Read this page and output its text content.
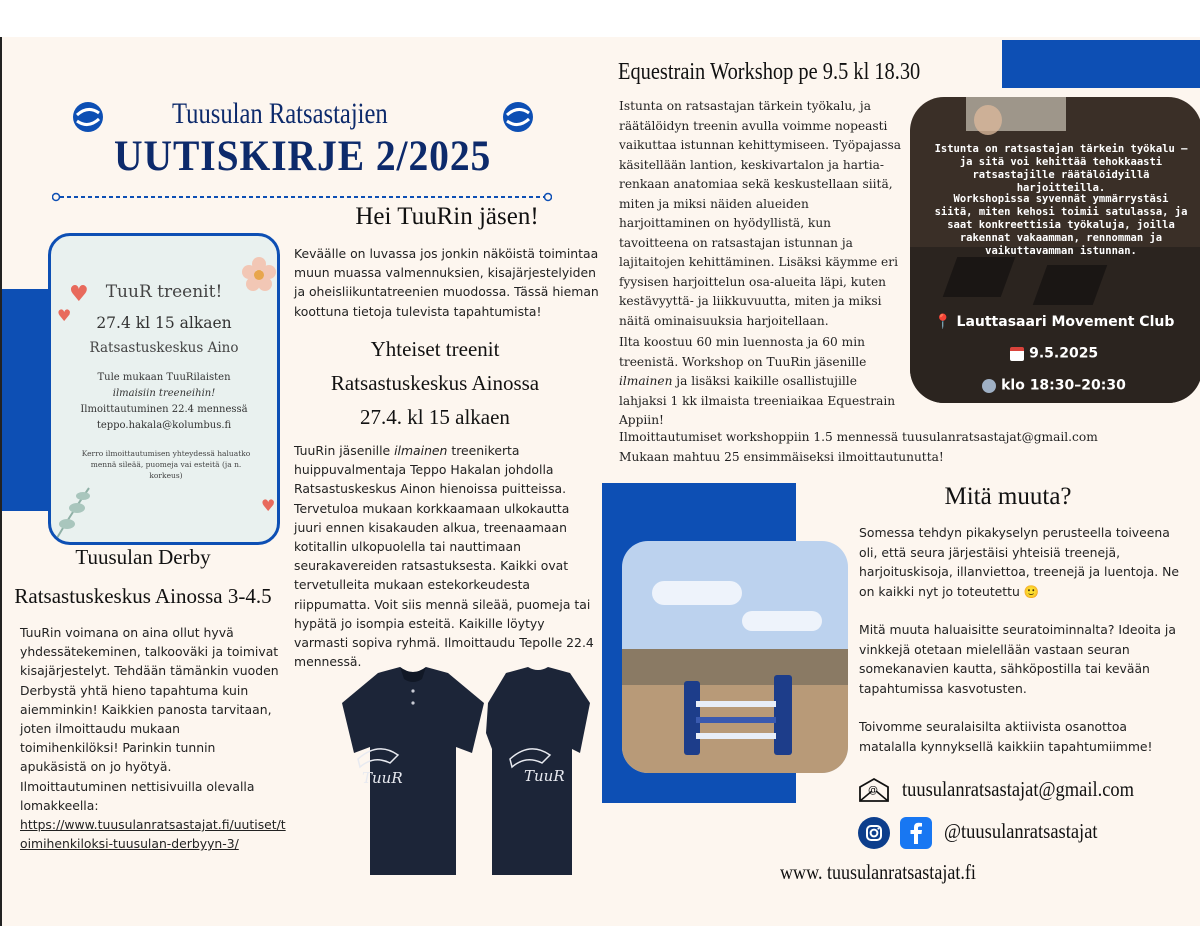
Tuusulan Ratsastajien
UUTISKIRJE 2/2025
♥
♥
♥
TuuR treenit!
27.4 kl 15 alkaen
Ratsastuskeskus Aino
Tule mukaan TuuRilaisten
ilmaisiin treeneihin!
Ilmoittautuminen 22.4 mennessä
teppo.hakala@kolumbus.fi
Kerro ilmoittautumisen yhteydessä haluatko mennä sileää, puomeja vai esteitä (ja n. korkeus)
Hei TuuRin jäsen!
Keväälle on luvassa jos jonkin näköistä toimintaa muun muassa valmennuksien, kisajärjestelyiden ja oheisliikuntatreenien muodossa. Tässä hieman koottuna tietoja tulevista tapahtumista!
Yhteiset treenit
Ratsastuskeskus Ainossa
27.4. kl 15 alkaen
TuuRin jäsenille ilmainen treenikerta huippuvalmentaja Teppo Hakalan johdolla Ratsastuskeskus Ainon hienoissa puitteissa. Tervetuloa mukaan korkkaamaan ulkokautta juuri ennen kisakauden alkua, treenaamaan kotitallin ulkopuolella tai nauttimaan seurakavereiden ratsastuksesta. Kaikki ovat tervetulleita mukaan estekorkeudesta riippumatta. Voit siis mennä sileää, puomeja tai hypätä jo isompia esteitä. Kaikille löytyy varmasti sopiva ryhmä. Ilmoittaudu Tepolle 22.4 mennessä.
Tuusulan Derby
Ratsastuskeskus Ainossa 3-4.5
TuuRin voimana on aina ollut hyvä yhdessätekeminen, talkooväki ja toimivat kisajärjestelyt. Tehdään tämänkin vuoden Derbystä yhtä hieno tapahtuma kuin aiemminkin! Kaikkien panosta tarvitaan, joten ilmoittaudu mukaan toimihenkilöksi! Parinkin tunnin apukäsistä on jo hyötyä. Ilmoittautuminen nettisivuilla olevalla lomakkeella:
https://www.tuusulanratsastajat.fi/uutiset/t
oimihenkiloksi-tuusulan-derbyyn-3/
TuuR	TuuR
Equestrain Workshop pe 9.5 kl 18.30
Istunta on ratsastajan tärkein työkalu, ja räätälöidyn treenin avulla voimme nopeasti vaikuttaa istunnan kehittymiseen. Työpajassa käsitellään lantion, keskivartalon ja hartia-renkaan anatomiaa sekä keskustellaan siitä, miten ja miksi näiden alueiden harjoittaminen on hyödyllistä, kun tavoitteena on ratsastajan istunnan ja lajitaitojen kehittäminen. Lisäksi käymme eri fyysisen harjoittelun osa-alueita läpi, kuten kestävyyttä- ja liikkuvuutta, miten ja miksi näitä ominaisuuksia harjoitellaan.
Ilta koostuu 60 min luennosta ja 60 min treenistä. Workshop on TuuRin jäsenille ilmainen ja lisäksi kaikille osallistujille lahjaksi 1 kk ilmaista treeniaikaa Equestrain Appiin!
Ilmoittautumiset workshoppiin 1.5 mennessä tuusulanratsastajat@gmail.com
Mukaan mahtuu 25 ensimmäiseksi ilmoittautunutta!
Istunta on ratsastajan tärkein työkalu – ja sitä voi kehittää tehokkaasti ratsastajille räätälöidyillä harjoitteilla.
Workshopissa syvennät ymmärrystäsi siitä, miten kehosi toimii satulassa, ja saat konkreettisia työkaluja, joilla rakennat vakaamman, rennomman ja vaikuttavamman istunnan.
📍 Lauttasaari Movement Club
9.5.2025
klo 18:30–20:30
Mitä muuta?
Somessa tehdyn pikakyselyn perusteella toiveena oli, että seura järjestäisi yhteisiä treenejä, harjoituskisoja, illanviettoa, treenejä ja luentoja. Ne on kaikki nyt jo toteutettu 🙂
Mitä muuta haluaisitte seuratoiminnalta? Ideoita ja vinkkejä otetaan mielellään vastaan seuran somekanavien kautta, sähköpostilla tai kevään tapahtumissa kasvotusten.
Toivomme seuralaisilta aktiivista osanottoa matalalla kynnyksellä kaikkiin tapahtumiimme!
@ tuusulanratsastajat@gmail.com
@tuusulanratsastajat
www. tuusulanratsastajat.fi
